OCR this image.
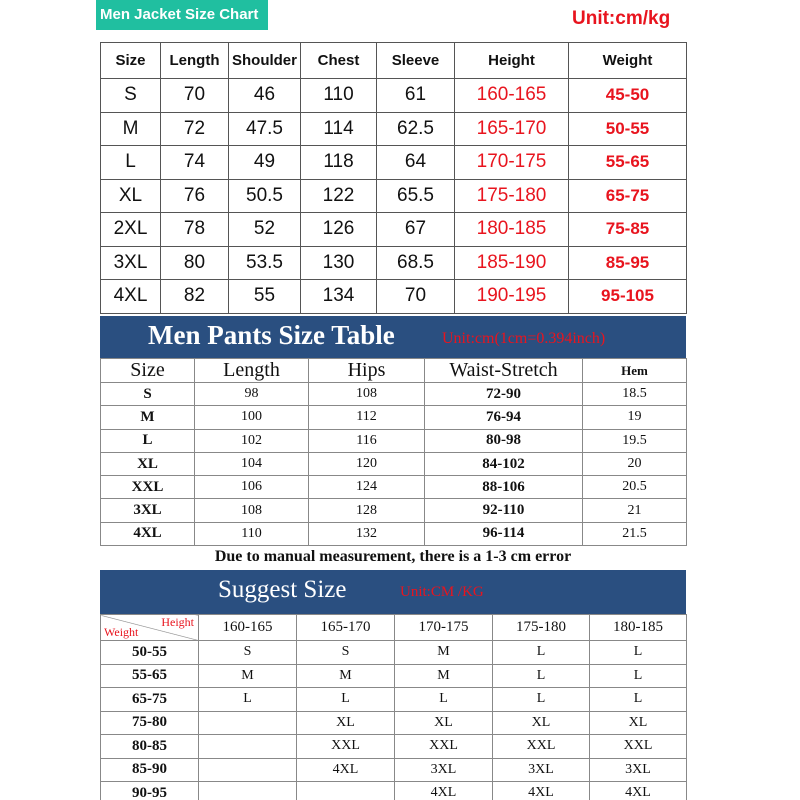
Men Jacket Size Chart	Unit:cm/kg
Size	Length	Shoulder	Chest	Sleeve	Height	Weight
S	70	46	110	61	160-165	45-50
M	72	47.5	114	62.5	165-170	50-55
L	74	49	118	64	170-175	55-65
XL	76	50.5	122	65.5	175-180	65-75
2XL	78	52	126	67	180-185	75-85
3XL	80	53.5	130	68.5	185-190	85-95
4XL	82	55	134	70	190-195	95-105
Men Pants Size Table	Unit:cm(1cm=0.394inch)
Size	Length	Hips	Waist-Stretch	Hem
S	98	108	72-90	18.5
M	100	112	76-94	19
L	102	116	80-98	19.5
XL	104	120	84-102	20
XXL	106	124	88-106	20.5
3XL	108	128	92-110	21
4XL	110	132	96-114	21.5
Due to manual measurement, there is a 1-3 cm error
Suggest Size	Unit:CM /KG
Height
Weight	160-165	165-170	170-175	175-180	180-185
50-55	S	S	M	L	L
55-65	M	M	M	L	L
65-75	L	L	L	L	L
75-80		XL	XL	XL	XL
80-85		XXL	XXL	XXL	XXL
85-90		4XL	3XL	3XL	3XL
90-95			4XL	4XL	4XL
